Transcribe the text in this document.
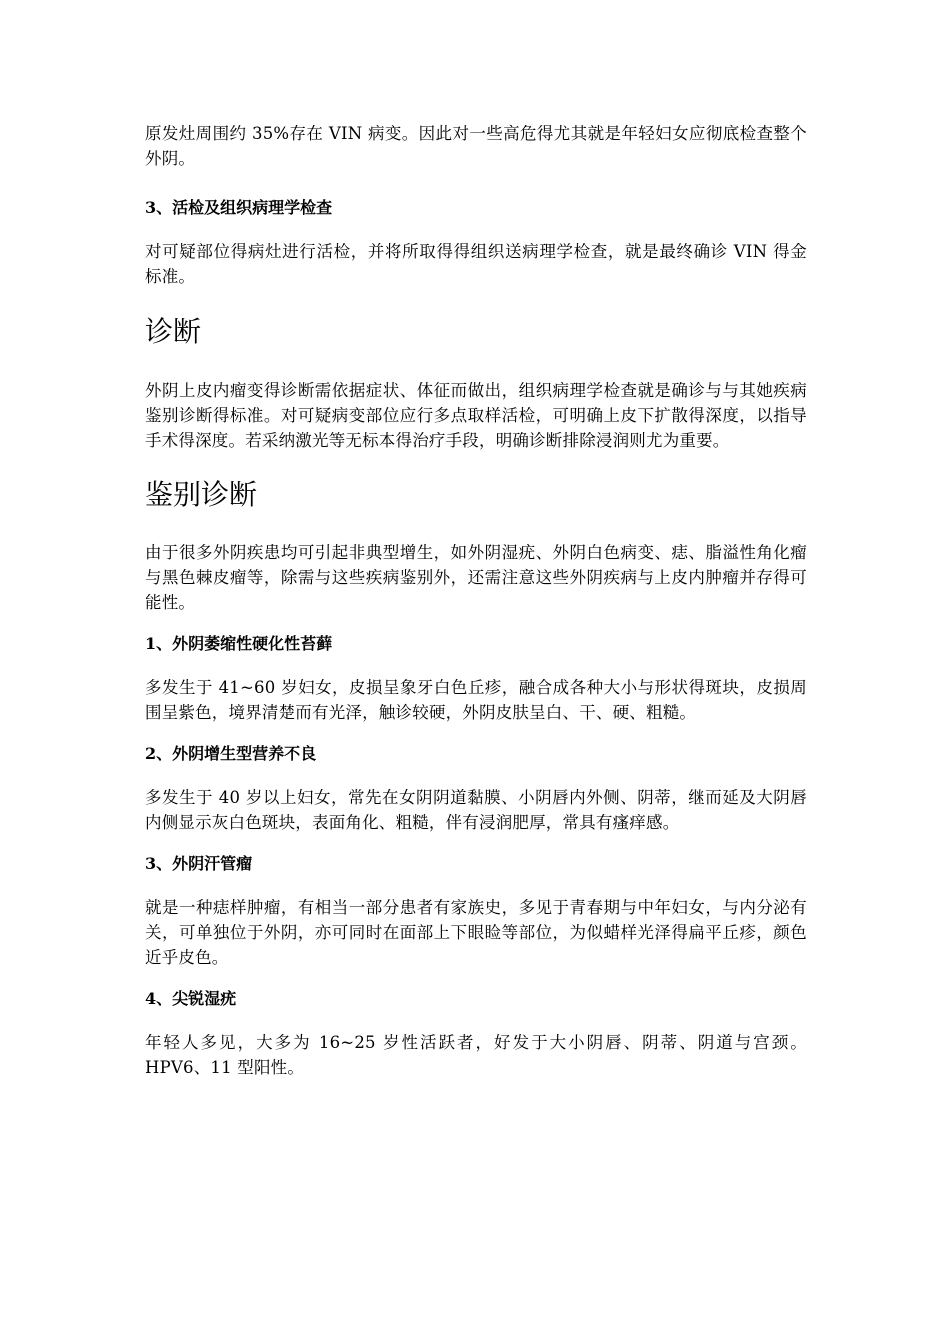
原发灶周围约 35%存在 VIN 病变。因此对一些高危得尤其就是年轻妇女应彻底检查整个外阴。

3、活检及组织病理学检查

对可疑部位得病灶进行活检，并将所取得得组织送病理学检查，就是最终确诊 VIN 得金标准。

诊断

外阴上皮内瘤变得诊断需依据症状、体征而做出，组织病理学检查就是确诊与与其她疾病鉴别诊断得标准。对可疑病变部位应行多点取样活检，可明确上皮下扩散得深度，以指导手术得深度。若采纳激光等无标本得治疗手段，明确诊断排除浸润则尤为重要。

鉴别诊断

由于很多外阴疾患均可引起非典型增生，如外阴湿疣、外阴白色病变、痣、脂溢性角化瘤与黑色棘皮瘤等，除需与这些疾病鉴别外，还需注意这些外阴疾病与上皮内肿瘤并存得可能性。

1、外阴萎缩性硬化性苔藓

多发生于 41~60 岁妇女，皮损呈象牙白色丘疹，融合成各种大小与形状得斑块，皮损周围呈紫色，境界清楚而有光泽，触诊较硬，外阴皮肤呈白、干、硬、粗糙。

2、外阴增生型营养不良

多发生于 40 岁以上妇女，常先在女阴阴道黏膜、小阴唇内外侧、阴蒂，继而延及大阴唇内侧显示灰白色斑块，表面角化、粗糙，伴有浸润肥厚，常具有瘙痒感。

3、外阴汗管瘤

就是一种痣样肿瘤，有相当一部分患者有家族史，多见于青春期与中年妇女，与内分泌有关，可单独位于外阴，亦可同时在面部上下眼睑等部位，为似蜡样光泽得扁平丘疹，颜色近乎皮色。

4、尖锐湿疣

年轻人多见，大多为 16~25 岁性活跃者，好发于大小阴唇、阴蒂、阴道与宫颈。HPV6、11 型阳性。
